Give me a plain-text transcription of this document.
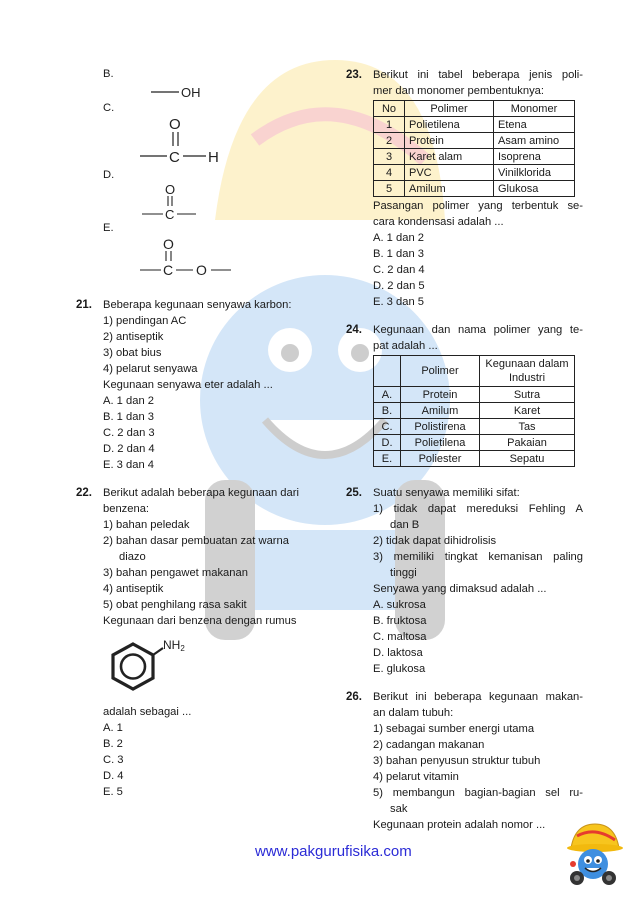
B.
OH
C.
O
C H
D.
O
C
E.
O
C O
21. Beberapa kegunaan senyawa karbon:
1) pendingan AC
2) antiseptik
3) obat bius
4) pelarut senyawa
Kegunaan senyawa eter adalah ...
A. 1 dan 2
B. 1 dan 3
C. 2 dan 3
D. 2 dan 4
E. 3 dan 4
22. Berikut adalah beberapa kegunaan dari
benzena:
1) bahan peledak
2) bahan dasar pembuatan zat warna
diazo
3) bahan pengawet makanan
4) antiseptik
5) obat penghilang rasa sakit
Kegunaan dari benzena dengan rumus
NH2
adalah sebagai ...
A. 1
B. 2
C. 3
D. 4
E. 5
23. Berikut ini tabel beberapa jenis poli-
mer dan monomer pembentuknya:
No	Polimer	Monomer
1	Polietilena	Etena
2	Protein	Asam amino
3	Karet alam	Isoprena
4	PVC	Vinilklorida
5	Amilum	Glukosa
Pasangan polimer yang terbentuk se-
cara kondensasi adalah ...
A. 1 dan 2
B. 1 dan 3
C. 2 dan 4
D. 2 dan 5
E. 3 dan 5
24. Kegunaan dan nama polimer yang te-
pat adalah ...
	Polimer	Kegunaan dalam
Industri
A.	Protein	Sutra
B.	Amilum	Karet
C.	Polistirena	Tas
D.	Polietilena	Pakaian
E.	Poliester	Sepatu
25. Suatu senyawa memiliki sifat:
1) tidak dapat mereduksi Fehling A
dan B
2) tidak dapat dihidrolisis
3) memiliki tingkat kemanisan paling
tinggi
Senyawa yang dimaksud adalah ...
A. sukrosa
B. fruktosa
C. maltosa
D. laktosa
E. glukosa
26. Berikut ini beberapa kegunaan makan-
an dalam tubuh:
1) sebagai sumber energi utama
2) cadangan makanan
3) bahan penyusun struktur tubuh
4) pelarut vitamin
5) membangun bagian-bagian sel ru-
sak
Kegunaan protein adalah nomor ...
www.pakgurufisika.com
